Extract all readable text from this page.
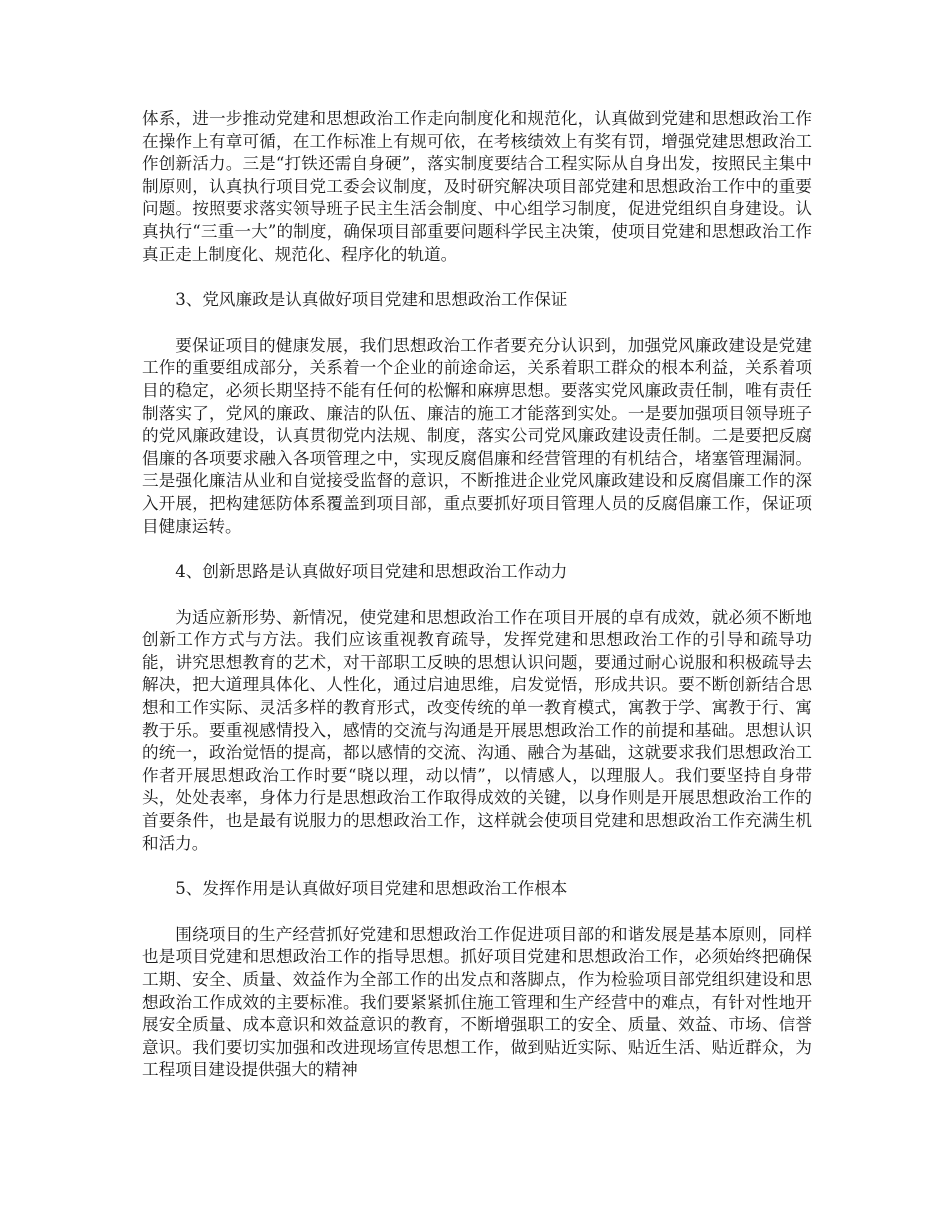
体系，进一步推动党建和思想政治工作走向制度化和规范化，认真做到党建和思想政治工作在操作上有章可循，在工作标准上有规可依，在考核绩效上有奖有罚，增强党建思想政治工作创新活力。三是“打铁还需自身硬”，落实制度要结合工程实际从自身出发，按照民主集中制原则，认真执行项目党工委会议制度，及时研究解决项目部党建和思想政治工作中的重要问题。按照要求落实领导班子民主生活会制度、中心组学习制度，促进党组织自身建设。认真执行“三重一大”的制度，确保项目部重要问题科学民主决策，使项目党建和思想政治工作真正走上制度化、规范化、程序化的轨道。

3、党风廉政是认真做好项目党建和思想政治工作保证

要保证项目的健康发展，我们思想政治工作者要充分认识到，加强党风廉政建设是党建工作的重要组成部分，关系着一个企业的前途命运，关系着职工群众的根本利益，关系着项目的稳定，必须长期坚持不能有任何的松懈和麻痹思想。要落实党风廉政责任制，唯有责任制落实了，党风的廉政、廉洁的队伍、廉洁的施工才能落到实处。一是要加强项目领导班子的党风廉政建设，认真贯彻党内法规、制度，落实公司党风廉政建设责任制。二是要把反腐倡廉的各项要求融入各项管理之中，实现反腐倡廉和经营管理的有机结合，堵塞管理漏洞。三是强化廉洁从业和自觉接受监督的意识，不断推进企业党风廉政建设和反腐倡廉工作的深入开展，把构建惩防体系覆盖到项目部，重点要抓好项目管理人员的反腐倡廉工作，保证项目健康运转。

4、创新思路是认真做好项目党建和思想政治工作动力

为适应新形势、新情况，使党建和思想政治工作在项目开展的卓有成效，就必须不断地创新工作方式与方法。我们应该重视教育疏导，发挥党建和思想政治工作的引导和疏导功能，讲究思想教育的艺术，对干部职工反映的思想认识问题，要通过耐心说服和积极疏导去解决，把大道理具体化、人性化，通过启迪思维，启发觉悟，形成共识。要不断创新结合思想和工作实际、灵活多样的教育形式，改变传统的单一教育模式，寓教于学、寓教于行、寓教于乐。要重视感情投入，感情的交流与沟通是开展思想政治工作的前提和基础。思想认识的统一，政治觉悟的提高，都以感情的交流、沟通、融合为基础，这就要求我们思想政治工作者开展思想政治工作时要“晓以理，动以情”，以情感人，以理服人。我们要坚持自身带头，处处表率，身体力行是思想政治工作取得成效的关键，以身作则是开展思想政治工作的首要条件，也是最有说服力的思想政治工作，这样就会使项目党建和思想政治工作充满生机和活力。

5、发挥作用是认真做好项目党建和思想政治工作根本

围绕项目的生产经营抓好党建和思想政治工作促进项目部的和谐发展是基本原则，同样也是项目党建和思想政治工作的指导思想。抓好项目党建和思想政治工作，必须始终把确保工期、安全、质量、效益作为全部工作的出发点和落脚点，作为检验项目部党组织建设和思想政治工作成效的主要标准。我们要紧紧抓住施工管理和生产经营中的难点，有针对性地开展安全质量、成本意识和效益意识的教育，不断增强职工的安全、质量、效益、市场、信誉意识。我们要切实加强和改进现场宣传思想工作，做到贴近实际、贴近生活、贴近群众，为工程项目建设提供强大的精神
